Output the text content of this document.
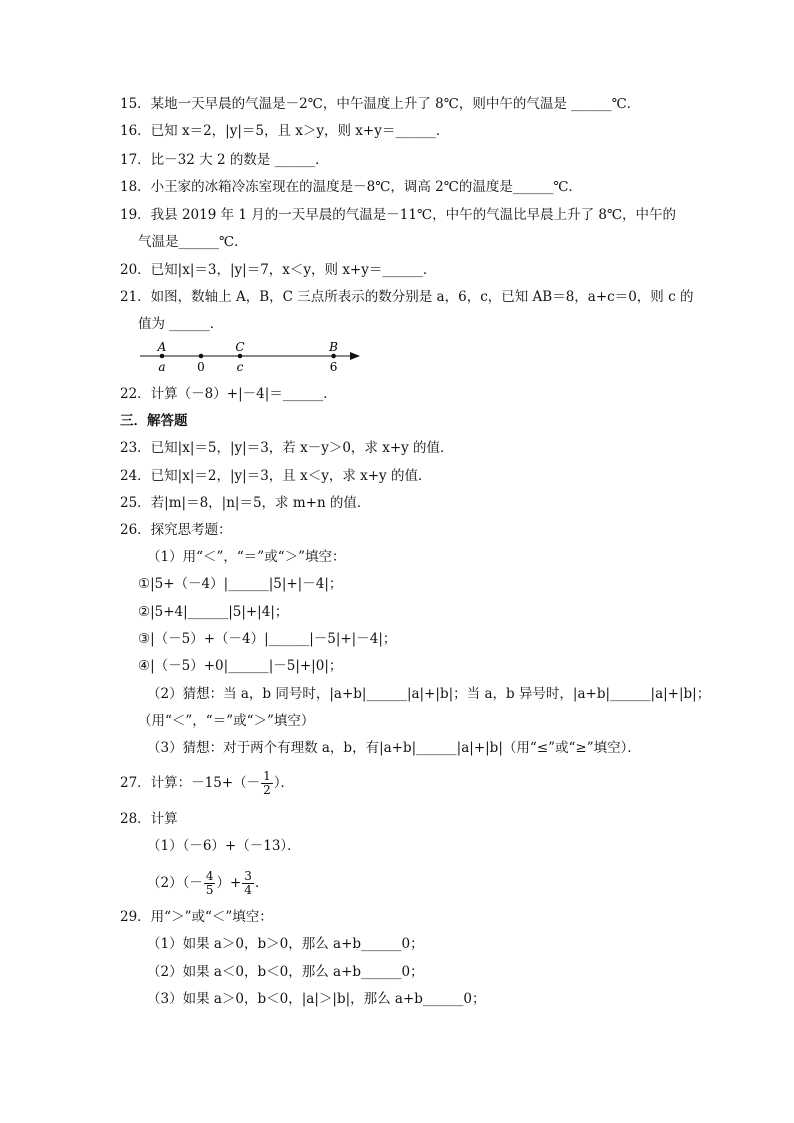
15．某地一天早晨的气温是－2℃，中午温度上升了 8℃，则中午的气温是 ______℃．
16．已知 x＝2，|y|＝5，且 x＞y，则 x+y＝______．
17．比－32 大 2 的数是 ______．
18．小王家的冰箱冷冻室现在的温度是－8℃，调高 2℃的温度是______℃．
19．我县 2019 年 1 月的一天早晨的气温是－11℃，中午的气温比早晨上升了 8℃，中午的
气温是______℃．
20．已知|x|＝3，|y|＝7，x＜y，则 x+y＝______．
21．如图，数轴上 A，B，C 三点所表示的数分别是 a，6，c，已知 AB＝8，a+c＝0，则 c 的
值为 ______．
22．计算（－8）+|－4|＝______．
三．解答题
23．已知|x|＝5，|y|＝3，若 x－y＞0，求 x+y 的值．
24．已知|x|＝2，|y|＝3，且 x＜y，求 x+y 的值．
25．若|m|＝8，|n|＝5，求 m+n 的值．
26．探究思考题：
（1）用“＜”，“＝”或“＞”填空：
①|5+（－4）|______|5|+|－4|；
②|5+4|______|5|+|4|；
③|（－5）+（－4）|______|－5|+|－4|；
④|（－5）+0|______|－5|+|0|；
（2）猜想：当 a，b 同号时，|a+b|______|a|+|b|；当 a，b 异号时，|a+b|______|a|+|b|；
（用“＜”，“＝”或“＞”填空）
（3）猜想：对于两个有理数 a，b，有|a+b|______|a|+|b|（用“≤”或“≥”填空）．
28．计算
（1）（－6）+（－13）．
29．用“＞”或“＜”填空：
（1）如果 a＞0，b＞0，那么 a+b______0；
（2）如果 a＜0，b＜0，那么 a+b______0；
（3）如果 a＞0，b＜0，|a|＞|b|，那么 a+b______0；
27．计算：$-15+(- \frac{1}{2}$ ）．
$(2)(- \frac{4}{5}$ ）+ $\frac{3}{4}$ ．
A
a	0
C
c
B
6
